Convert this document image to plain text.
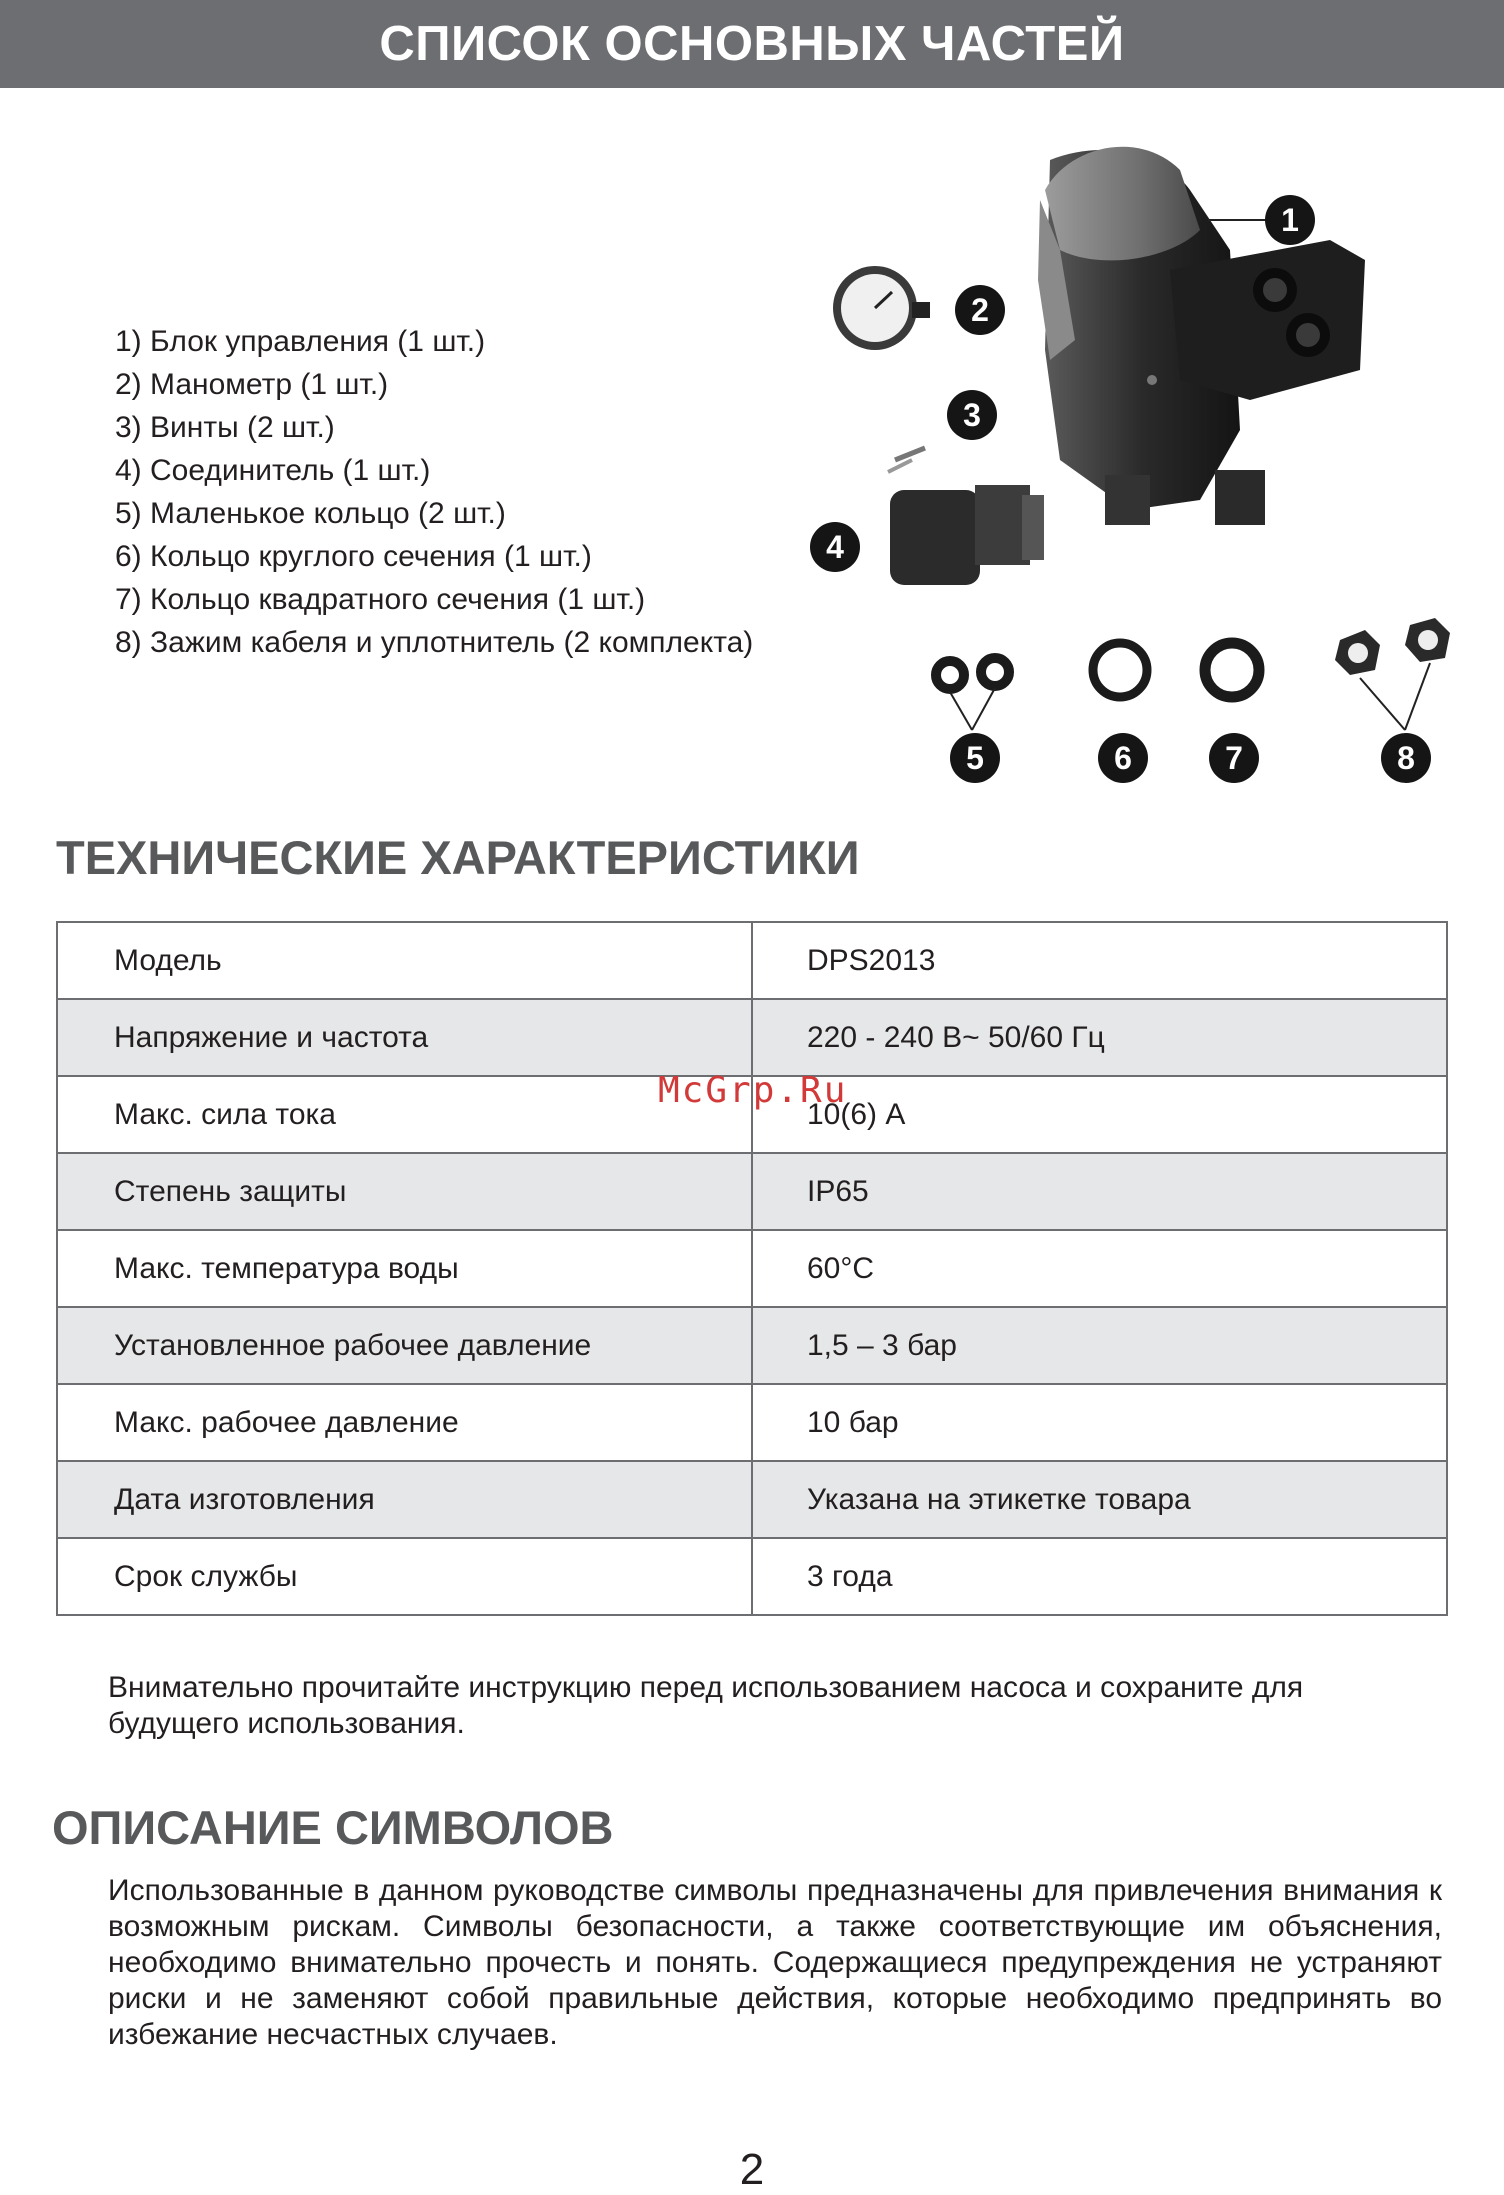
СПИСОК ОСНОВНЫХ ЧАСТЕЙ
1) Блок управления (1 шт.)
2) Манометр (1 шт.)
3) Винты (2 шт.)
4) Соединитель (1 шт.)
5) Маленькое кольцо (2 шт.)
6) Кольцо круглого сечения (1 шт.)
7) Кольцо квадратного сечения (1 шт.)
8) Зажим кабеля и уплотнитель (2 комплекта)
1
2
3
4
5	6	7	8
ТЕХНИЧЕСКИЕ ХАРАКТЕРИСТИКИ
Модель	DPS2013
Напряжение и частота	220 - 240 В~ 50/60 Гц
Макс. сила тока	10(6) А
Степень защиты	IP65
Макс. температура воды	60°C
Установленное рабочее давление	1,5 – 3 бар
Макс. рабочее давление	10 бар
Дата изготовления	Указана на этикетке товара
Срок службы	3 года
McGrp.Ru
Внимательно прочитайте инструкцию перед использованием насоса и сохраните для будущего использования.
ОПИСАНИЕ СИМВОЛОВ
Использованные в данном руководстве символы предназначены для привлечения внимания к возможным рискам. Символы безопасности, а также соответствующие им объяснения, необходимо внимательно прочесть и понять. Содержащиеся предупреждения не устраняют риски и не заменяют собой правильные действия, которые необходимо предпринять во избежание несчастных случаев.
2
